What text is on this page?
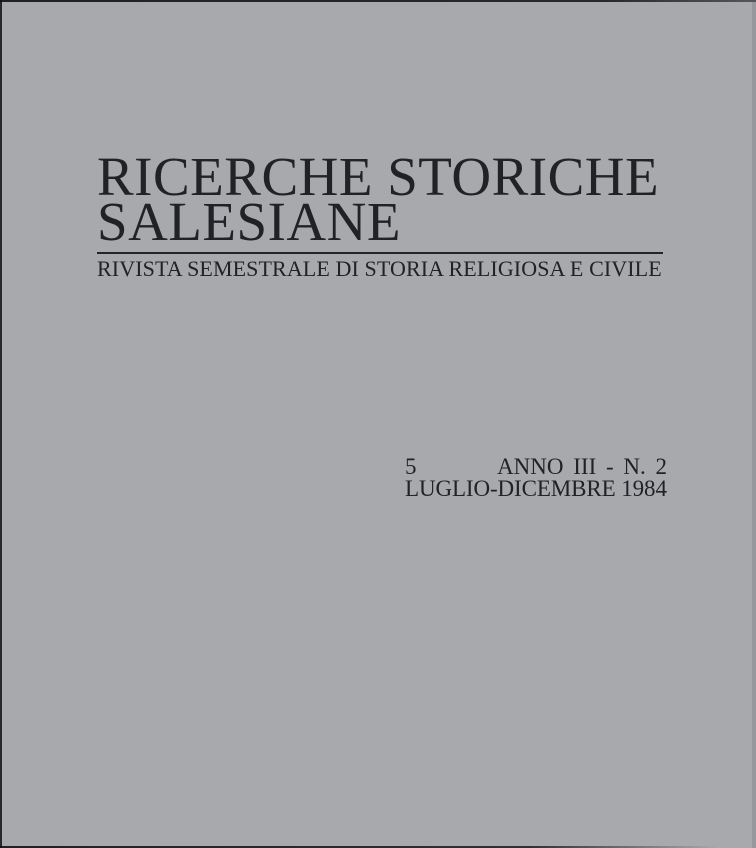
RICERCHE STORICHE
SALESIANE
RIVISTA SEMESTRALE DI STORIA RELIGIOSA E CIVILE
5	ANNO III - N. 2
LUGLIO-DICEMBRE 1984
